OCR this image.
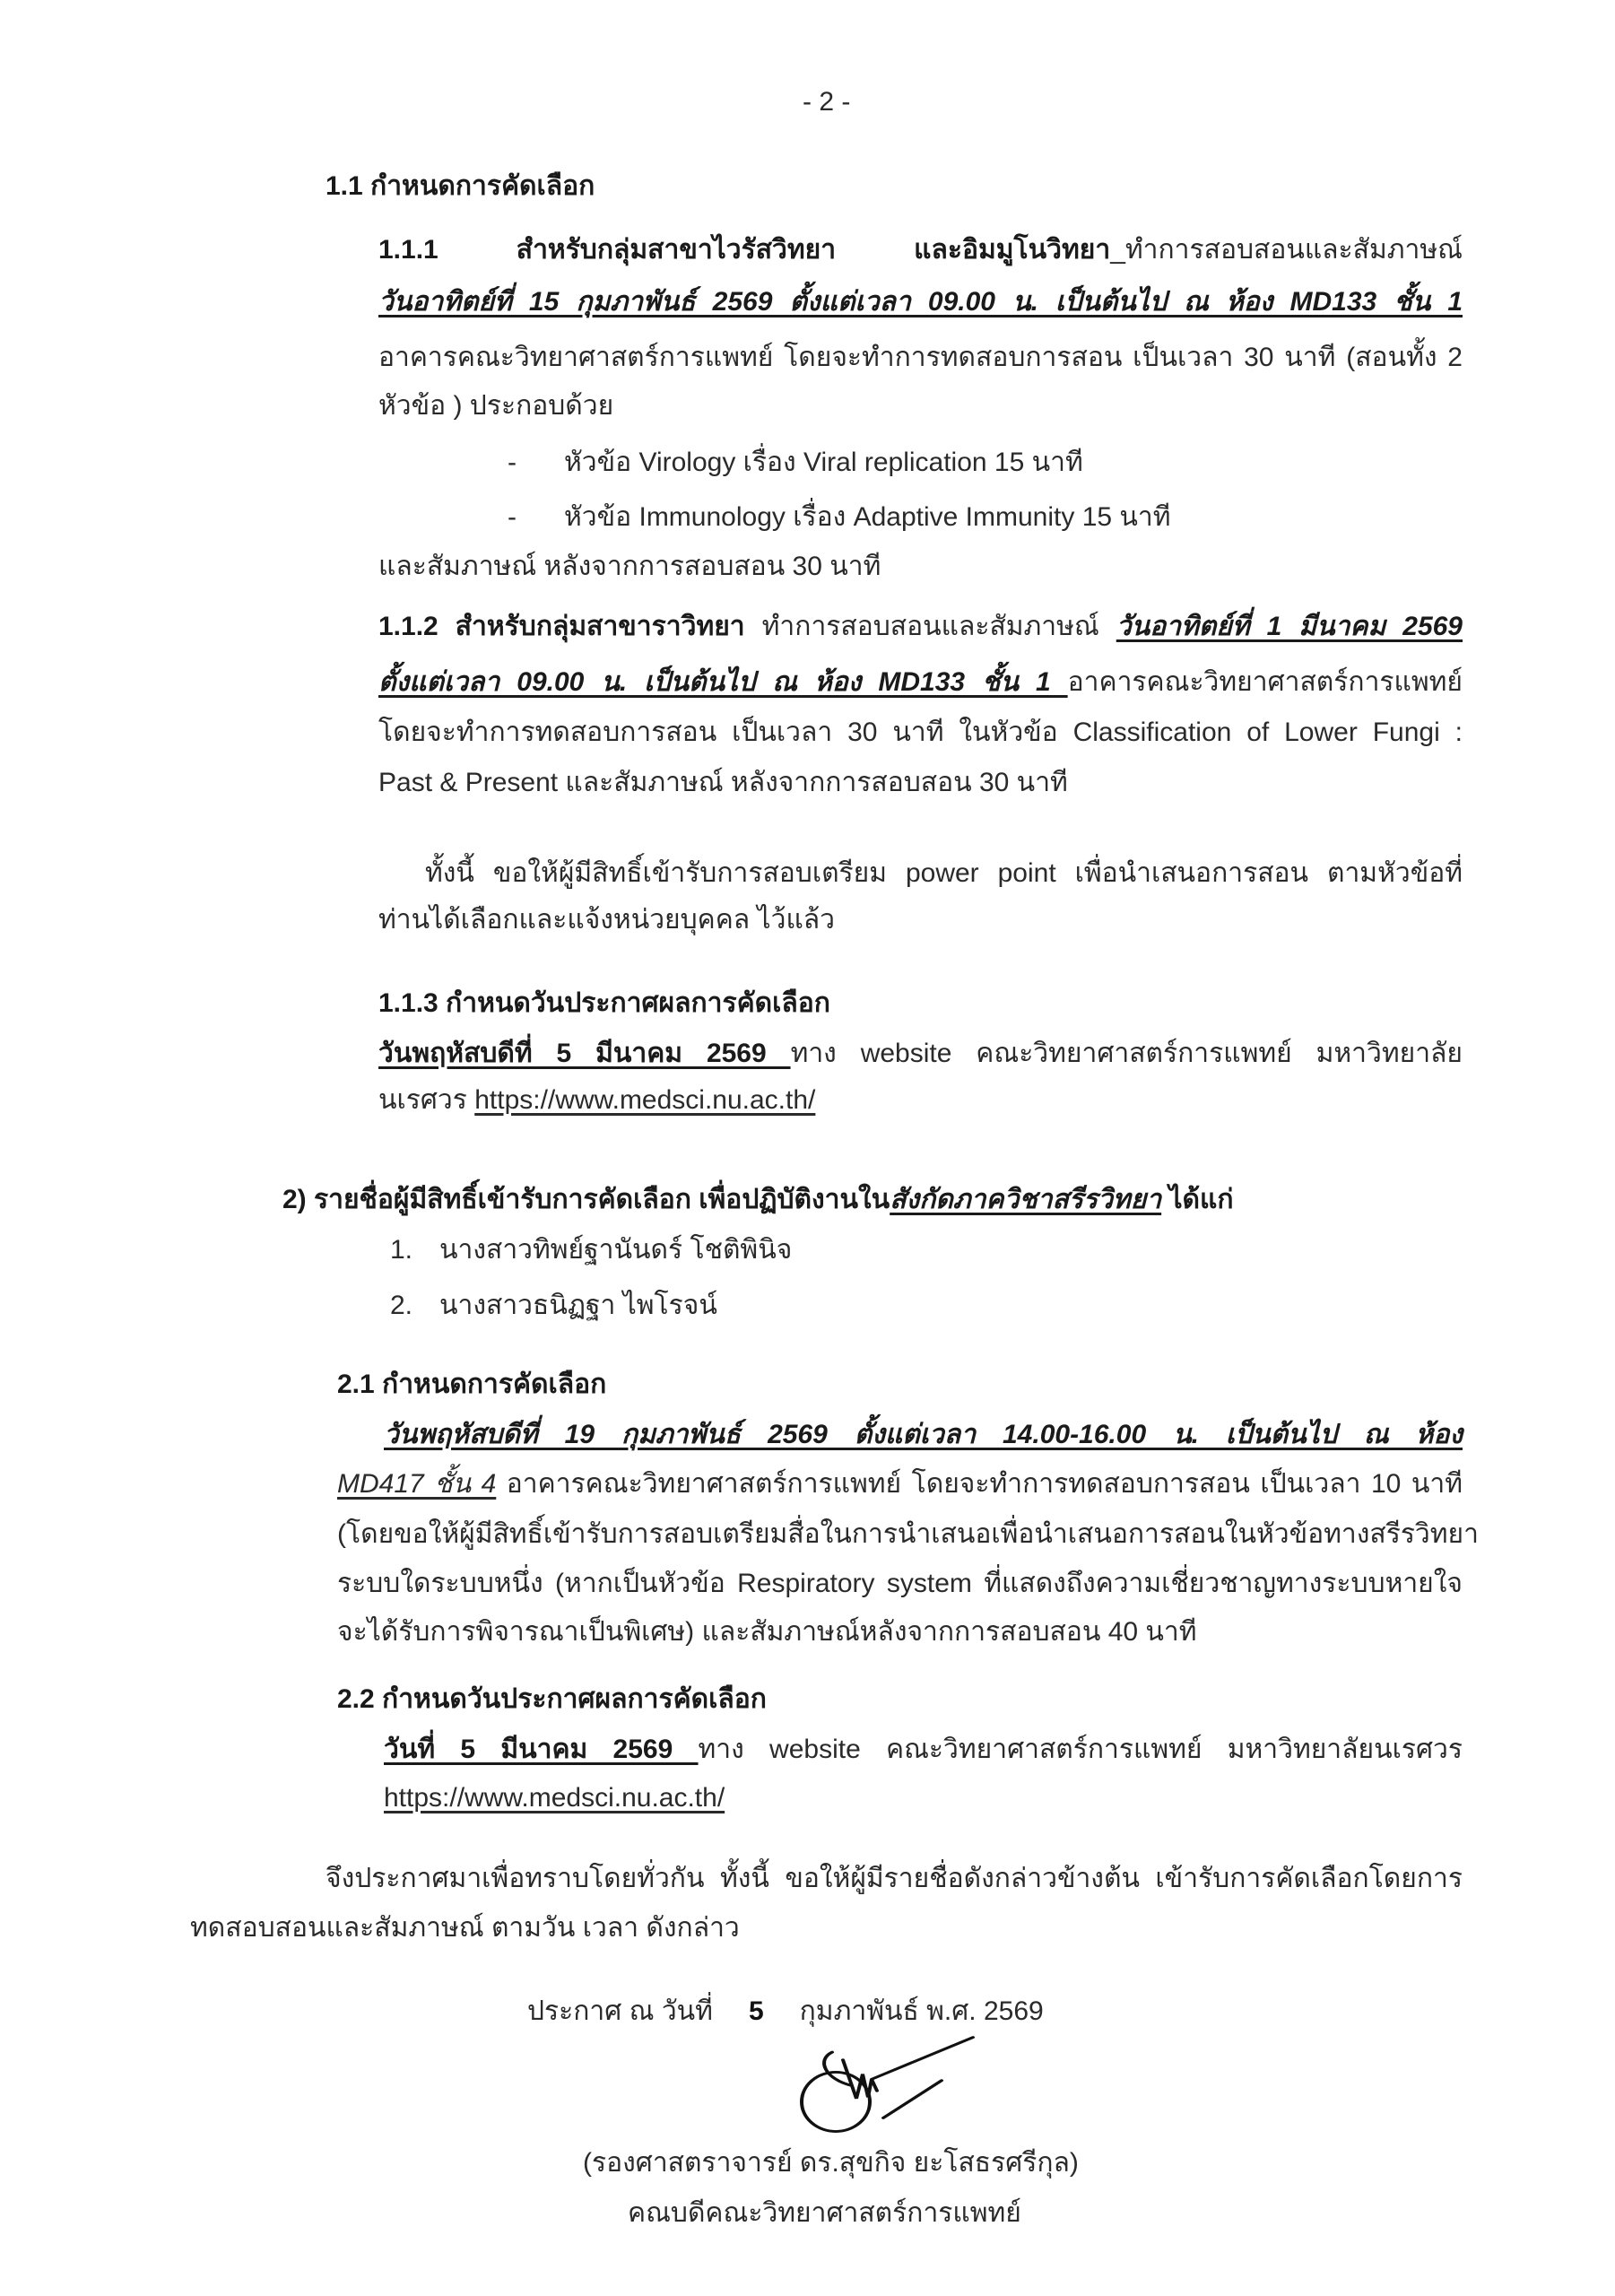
- 2 -
1.1 กำหนดการคัดเลือก
1.1.1 สำหรับกลุ่มสาขาไวรัสวิทยา และอิมมูโนวิทยา_ทำการสอบสอนและสัมภาษณ์
วันอาทิตย์ที่ 15 กุมภาพันธ์ 2569 ตั้งแต่เวลา 09.00 น. เป็นต้นไป ณ ห้อง MD133 ชั้น 1
อาคารคณะวิทยาศาสตร์การแพทย์ โดยจะทำการทดสอบการสอน เป็นเวลา 30 นาที (สอนทั้ง 2
หัวข้อ ) ประกอบด้วย
- หัวข้อ Virology เรื่อง Viral replication 15 นาที
- หัวข้อ Immunology เรื่อง Adaptive Immunity 15 นาที
และสัมภาษณ์ หลังจากการสอบสอน 30 นาที
1.1.2 สำหรับกลุ่มสาขาราวิทยา ทำการสอบสอนและสัมภาษณ์ วันอาทิตย์ที่ 1 มีนาคม 2569
ตั้งแต่เวลา 09.00 น. เป็นต้นไป ณ ห้อง MD133 ชั้น 1 อาคารคณะวิทยาศาสตร์การแพทย์
โดยจะทำการทดสอบการสอน เป็นเวลา 30 นาที ในหัวข้อ Classification of Lower Fungi :
Past & Present และสัมภาษณ์ หลังจากการสอบสอน 30 นาที
ทั้งนี้ ขอให้ผู้มีสิทธิ์เข้ารับการสอบเตรียม power point เพื่อนำเสนอการสอน ตามหัวข้อที่
ท่านได้เลือกและแจ้งหน่วยบุคคล ไว้แล้ว
1.1.3 กำหนดวันประกาศผลการคัดเลือก
วันพฤหัสบดีที่ 5 มีนาคม 2569 ทาง website คณะวิทยาศาสตร์การแพทย์ มหาวิทยาลัย
นเรศวร https://www.medsci.nu.ac.th/
2) รายชื่อผู้มีสิทธิ์เข้ารับการคัดเลือก เพื่อปฏิบัติงานในสังกัดภาควิชาสรีรวิทยา ได้แก่
1. นางสาวทิพย์ฐานันดร์ โชติพินิจ
2. นางสาวธนิฏฐา ไพโรจน์
2.1 กำหนดการคัดเลือก
วันพฤหัสบดีที่ 19 กุมภาพันธ์ 2569 ตั้งแต่เวลา 14.00-16.00 น. เป็นต้นไป ณ ห้อง
MD417 ชั้น 4 อาคารคณะวิทยาศาสตร์การแพทย์ โดยจะทำการทดสอบการสอน เป็นเวลา 10 นาที
(โดยขอให้ผู้มีสิทธิ์เข้ารับการสอบเตรียมสื่อในการนำเสนอเพื่อนำเสนอการสอนในหัวข้อทางสรีรวิทยา
ระบบใดระบบหนึ่ง (หากเป็นหัวข้อ Respiratory system ที่แสดงถึงความเชี่ยวชาญทางระบบหายใจ
จะได้รับการพิจารณาเป็นพิเศษ) และสัมภาษณ์หลังจากการสอบสอน 40 นาที
2.2 กำหนดวันประกาศผลการคัดเลือก
วันที่ 5 มีนาคม 2569 ทาง website คณะวิทยาศาสตร์การแพทย์ มหาวิทยาลัยนเรศวร
https://www.medsci.nu.ac.th/
จึงประกาศมาเพื่อทราบโดยทั่วกัน ทั้งนี้ ขอให้ผู้มีรายชื่อดังกล่าวข้างต้น เข้ารับการคัดเลือกโดยการ
ทดสอบสอนและสัมภาษณ์ ตามวัน เวลา ดังกล่าว
ประกาศ ณ วันที่ 5 กุมภาพันธ์ พ.ศ. 2569
(รองศาสตราจารย์ ดร.สุขกิจ ยะโสธรศรีกุล)
คณบดีคณะวิทยาศาสตร์การแพทย์
